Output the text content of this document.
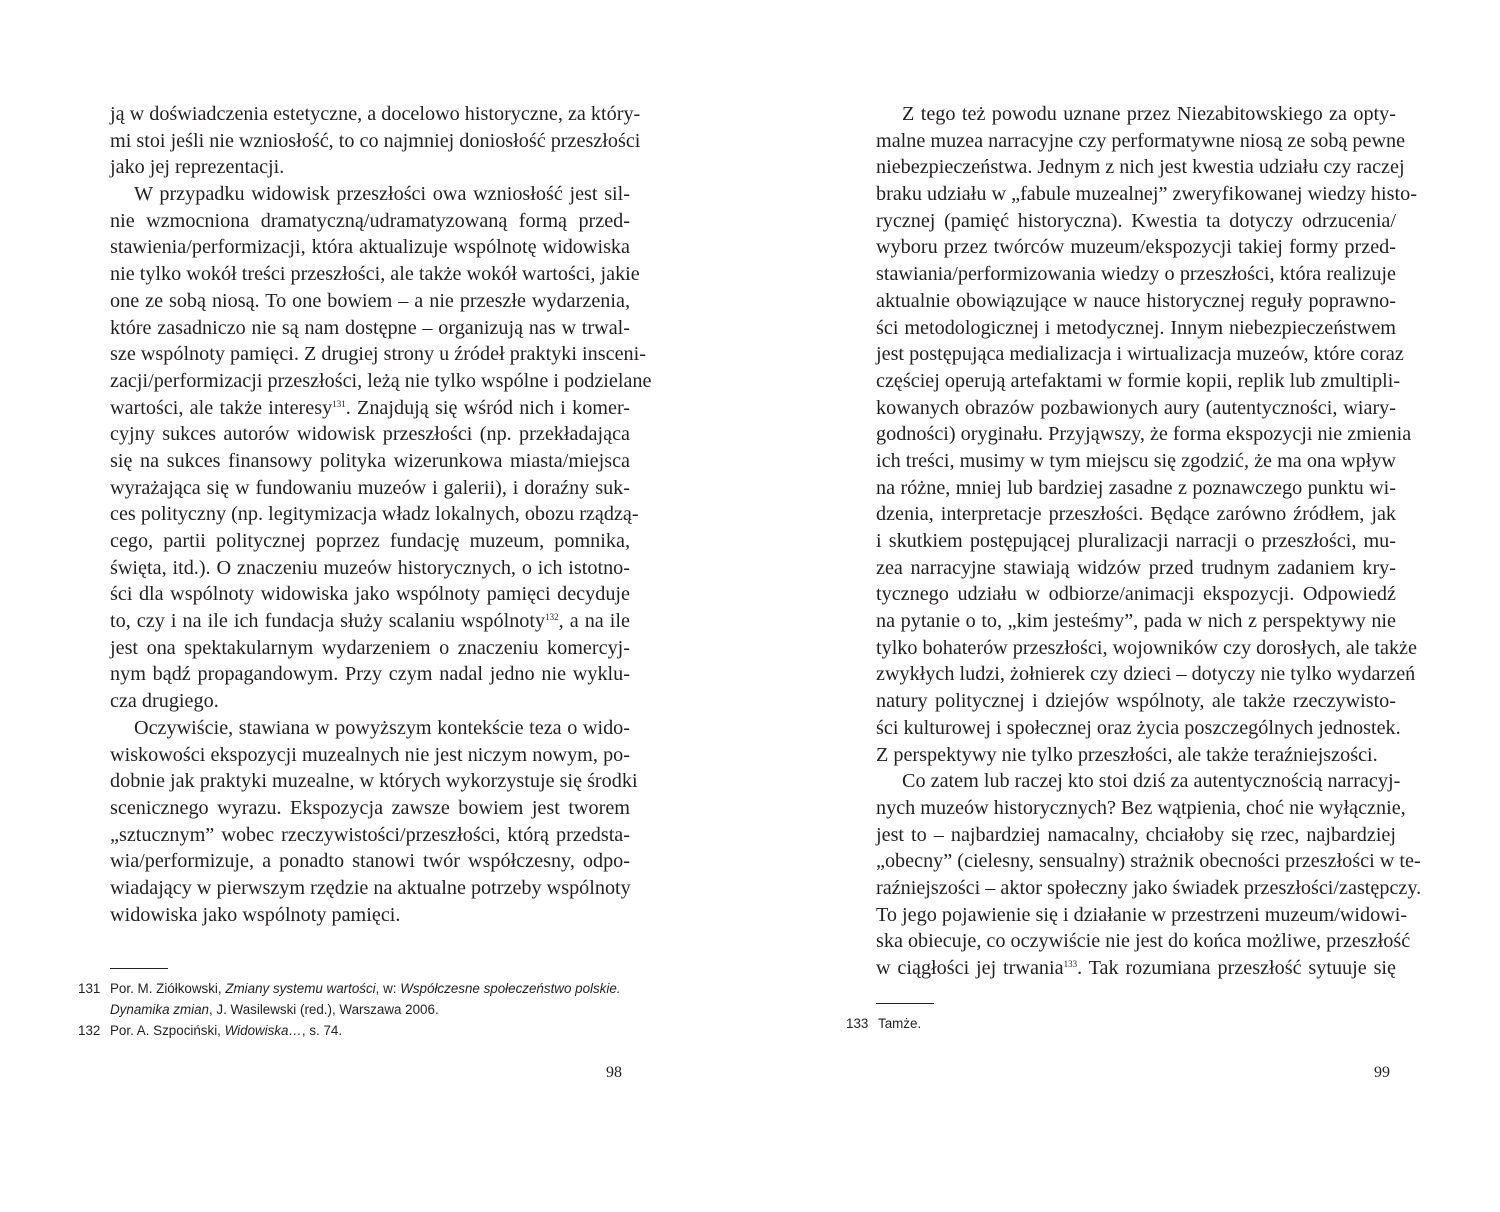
ją w doświadczenia estetyczne, a docelowo historyczne, za który-
mi stoi jeśli nie wzniosłość, to co najmniej doniosłość przeszłości
jako jej reprezentacji.
W przypadku widowisk przeszłości owa wzniosłość jest sil-
nie wzmocniona dramatyczną/udramatyzowaną formą przed-
stawienia/performizacji, która aktualizuje wspólnotę widowiska
nie tylko wokół treści przeszłości, ale także wokół wartości, jakie
one ze sobą niosą. To one bowiem – a nie przeszłe wydarzenia,
które zasadniczo nie są nam dostępne – organizują nas w trwal-
sze wspólnoty pamięci. Z drugiej strony u źródeł praktyki insceni-
zacji/performizacji przeszłości, leżą nie tylko wspólne i podzielane
wartości, ale także interesy$^{131}$. Znajdują się wśród nich i komer-
cyjny sukces autorów widowisk przeszłości (np. przekładająca
się na sukces finansowy polityka wizerunkowa miasta/miejsca
wyrażająca się w fundowaniu muzeów i galerii), i doraźny suk-
ces polityczny (np. legitymizacja władz lokalnych, obozu rządzą-
cego, partii politycznej poprzez fundację muzeum, pomnika,
święta, itd.). O znaczeniu muzeów historycznych, o ich istotno-
ści dla wspólnoty widowiska jako wspólnoty pamięci decyduje
to, czy i na ile ich fundacja służy scalaniu wspólnoty$^{132}$, a na ile
jest ona spektakularnym wydarzeniem o znaczeniu komercyj-
nym bądź propagandowym. Przy czym nadal jedno nie wyklu-
cza drugiego.
Oczywiście, stawiana w powyższym kontekście teza o wido-
wiskowości ekspozycji muzealnych nie jest niczym nowym, po-
dobnie jak praktyki muzealne, w których wykorzystuje się środki
scenicznego wyrazu. Ekspozycja zawsze bowiem jest tworem
„sztucznym” wobec rzeczywistości/przeszłości, którą przedsta-
wia/performizuje, a ponadto stanowi twór współczesny, odpo-
wiadający w pierwszym rzędzie na aktualne potrzeby wspólnoty
widowiska jako wspólnoty pamięci.
131 Por. M. Ziółkowski, Zmiany systemu wartości, w: Współczesne społeczeństwo polskie. Dynamika zmian, J. Wasilewski (red.), Warszawa 2006.
132 Por. A. Szpociński, Widowiska…, s. 74.
98
Z tego też powodu uznane przez Niezabitowskiego za opty-
malne muzea narracyjne czy performatywne niosą ze sobą pewne
niebezpieczeństwa. Jednym z nich jest kwestia udziału czy raczej
braku udziału w „fabule muzealnej” zweryfikowanej wiedzy histo-
rycznej (pamięć historyczna). Kwestia ta dotyczy odrzucenia/
wyboru przez twórców muzeum/ekspozycji takiej formy przed-
stawiania/performizowania wiedzy o przeszłości, która realizuje
aktualnie obowiązujące w nauce historycznej reguły poprawno-
ści metodologicznej i metodycznej. Innym niebezpieczeństwem
jest postępująca medializacja i wirtualizacja muzeów, które coraz
częściej operują artefaktami w formie kopii, replik lub zmultipli-
kowanych obrazów pozbawionych aury (autentyczności, wiary-
godności) oryginału. Przyjąwszy, że forma ekspozycji nie zmienia
ich treści, musimy w tym miejscu się zgodzić, że ma ona wpływ
na różne, mniej lub bardziej zasadne z poznawczego punktu wi-
dzenia, interpretacje przeszłości. Będące zarówno źródłem, jak
i skutkiem postępującej pluralizacji narracji o przeszłości, mu-
zea narracyjne stawiają widzów przed trudnym zadaniem kry-
tycznego udziału w odbiorze/animacji ekspozycji. Odpowiedź
na pytanie o to, „kim jesteśmy”, pada w nich z perspektywy nie
tylko bohaterów przeszłości, wojowników czy dorosłych, ale także
zwykłych ludzi, żołnierek czy dzieci – dotyczy nie tylko wydarzeń
natury politycznej i dziejów wspólnoty, ale także rzeczywisto-
ści kulturowej i społecznej oraz życia poszczególnych jednostek.
Z perspektywy nie tylko przeszłości, ale także teraźniejszości.
Co zatem lub raczej kto stoi dziś za autentycznością narracyj-
nych muzeów historycznych? Bez wątpienia, choć nie wyłącznie,
jest to – najbardziej namacalny, chciałoby się rzec, najbardziej
„obecny” (cielesny, sensualny) strażnik obecności przeszłości w te-
raźniejszości – aktor społeczny jako świadek przeszłości/zastępczy.
To jego pojawienie się i działanie w przestrzeni muzeum/widowi-
ska obiecuje, co oczywiście nie jest do końca możliwe, przeszłość
w ciągłości jej trwania$^{133}$. Tak rozumiana przeszłość sytuuje się
133 Tamże.
99
